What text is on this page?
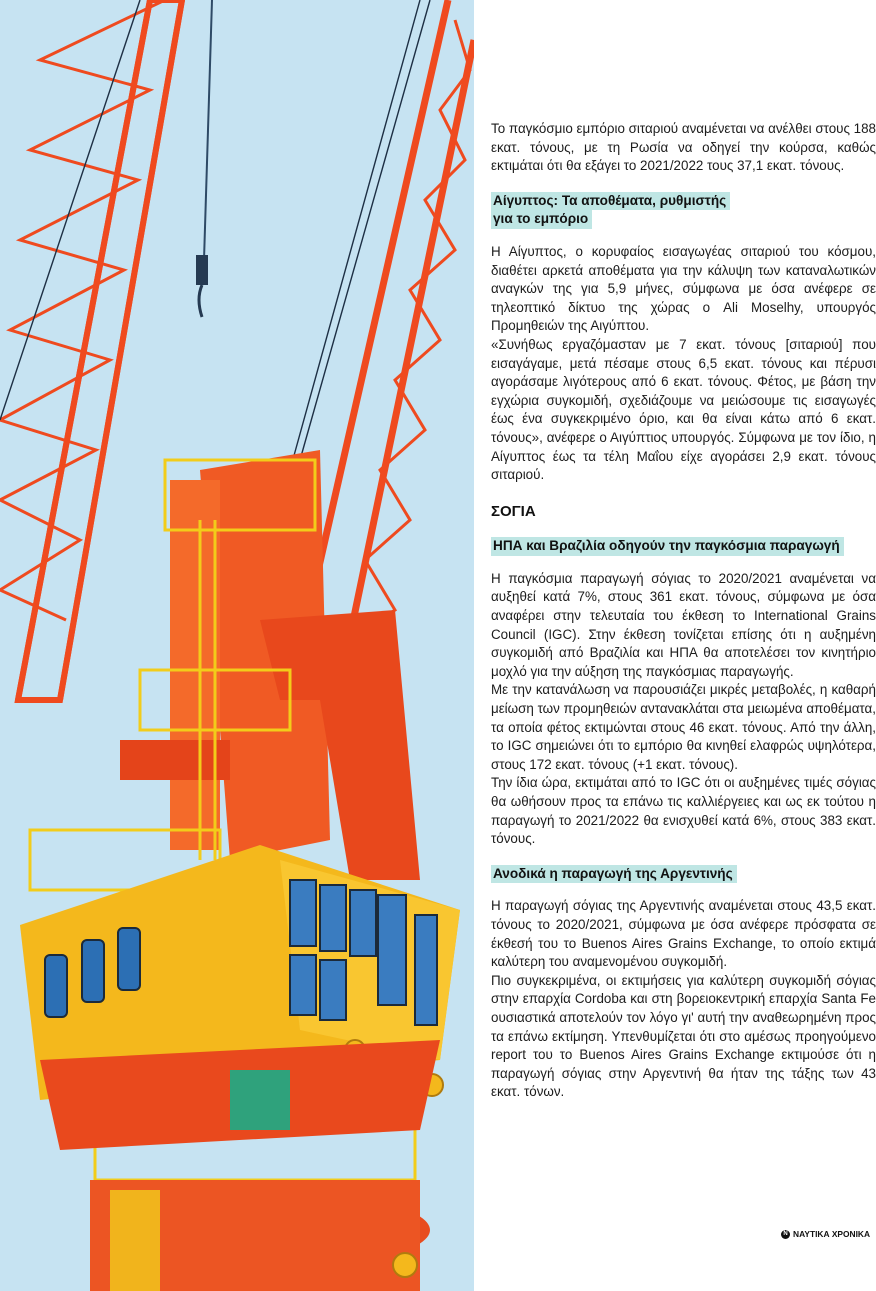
Το παγκόσμιο εμπόριο σιταριού αναμένεται να ανέλθει στους 188 εκατ. τόνους, με τη Ρωσία να οδηγεί την κούρσα, καθώς εκτιμάται ότι θα εξάγει το 2021/2022 τους 37,1 εκατ. τόνους.

Αίγυπτος: Τα αποθέματα, ρυθμιστής
για το εμπόριο

Η Αίγυπτος, ο κορυφαίος εισαγωγέας σιταριού του κόσμου, διαθέτει αρκετά αποθέματα για την κάλυψη των καταναλωτικών αναγκών της για 5,9 μήνες, σύμφωνα με όσα ανέφερε σε τηλεοπτικό δίκτυο της χώρας ο Ali Moselhy, υπουργός Προμηθειών της Αιγύπτου.

«Συνήθως εργαζόμασταν με 7 εκατ. τόνους [σιταριού] που εισαγάγαμε, μετά πέσαμε στους 6,5 εκατ. τόνους και πέρυσι αγοράσαμε λιγότερους από 6 εκατ. τόνους. Φέτος, με βάση την εγχώρια συγκομιδή, σχεδιάζουμε να μειώσουμε τις εισαγωγές έως ένα συγκεκριμένο όριο, και θα είναι κάτω από 6 εκατ. τόνους», ανέφερε ο Αιγύπτιος υπουργός. Σύμφωνα με τον ίδιο, η Αίγυπτος έως τα τέλη Μαΐου είχε αγοράσει 2,9 εκατ. τόνους σιταριού.

ΣΟΓΙΑ
ΗΠΑ και Βραζιλία οδηγούν την παγκόσμια παραγωγή

Η παγκόσμια παραγωγή σόγιας το 2020/2021 αναμένεται να αυξηθεί κατά 7%, στους 361 εκατ. τόνους, σύμφωνα με όσα αναφέρει στην τελευταία του έκθεση το International Grains Council (IGC). Στην έκθεση τονίζεται επίσης ότι η αυξημένη συγκομιδή από Βραζιλία και ΗΠΑ θα αποτελέσει τον κινητήριο μοχλό για την αύξηση της παγκόσμιας παραγωγής.

Με την κατανάλωση να παρουσιάζει μικρές μεταβολές, η καθαρή μείωση των προμηθειών αντανακλάται στα μειωμένα αποθέματα, τα οποία φέτος εκτιμώνται στους 46 εκατ. τόνους. Από την άλλη, το IGC σημειώνει ότι το εμπόριο θα κινηθεί ελαφρώς υψηλότερα, στους 172 εκατ. τόνους (+1 εκατ. τόνους).

Την ίδια ώρα, εκτιμάται από το IGC ότι οι αυξημένες τιμές σόγιας θα ωθήσουν προς τα επάνω τις καλλιέργειες και ως εκ τούτου η παραγωγή το 2021/2022 θα ενισχυθεί κατά 6%, στους 383 εκατ. τόνους.

Ανοδικά η παραγωγή της Αργεντινής

Η παραγωγή σόγιας της Αργεντινής αναμένεται στους 43,5 εκατ. τόνους το 2020/2021, σύμφωνα με όσα ανέφερε πρόσφατα σε έκθεσή του το Buenos Aires Grains Exchange, το οποίο εκτιμά καλύτερη του αναμενομένου συγκομιδή.

Πιο συγκεκριμένα, οι εκτιμήσεις για καλύτερη συγκομιδή σόγιας στην επαρχία Cordoba και στη βορειοκεντρική επαρχία Santa Fe ουσιαστικά αποτελούν τον λόγο γι' αυτή την αναθεωρημένη προς τα επάνω εκτίμηση. Υπενθυμίζεται ότι στο αμέσως προηγούμενο report του το Buenos Aires Grains Exchange εκτιμούσε ότι η παραγωγή σόγιας στην Αργεντινή θα ήταν της τάξης των 43 εκατ. τόνων.

N ΝΑΥΤΙΚΑ ΧΡΟΝΙΚΑ
